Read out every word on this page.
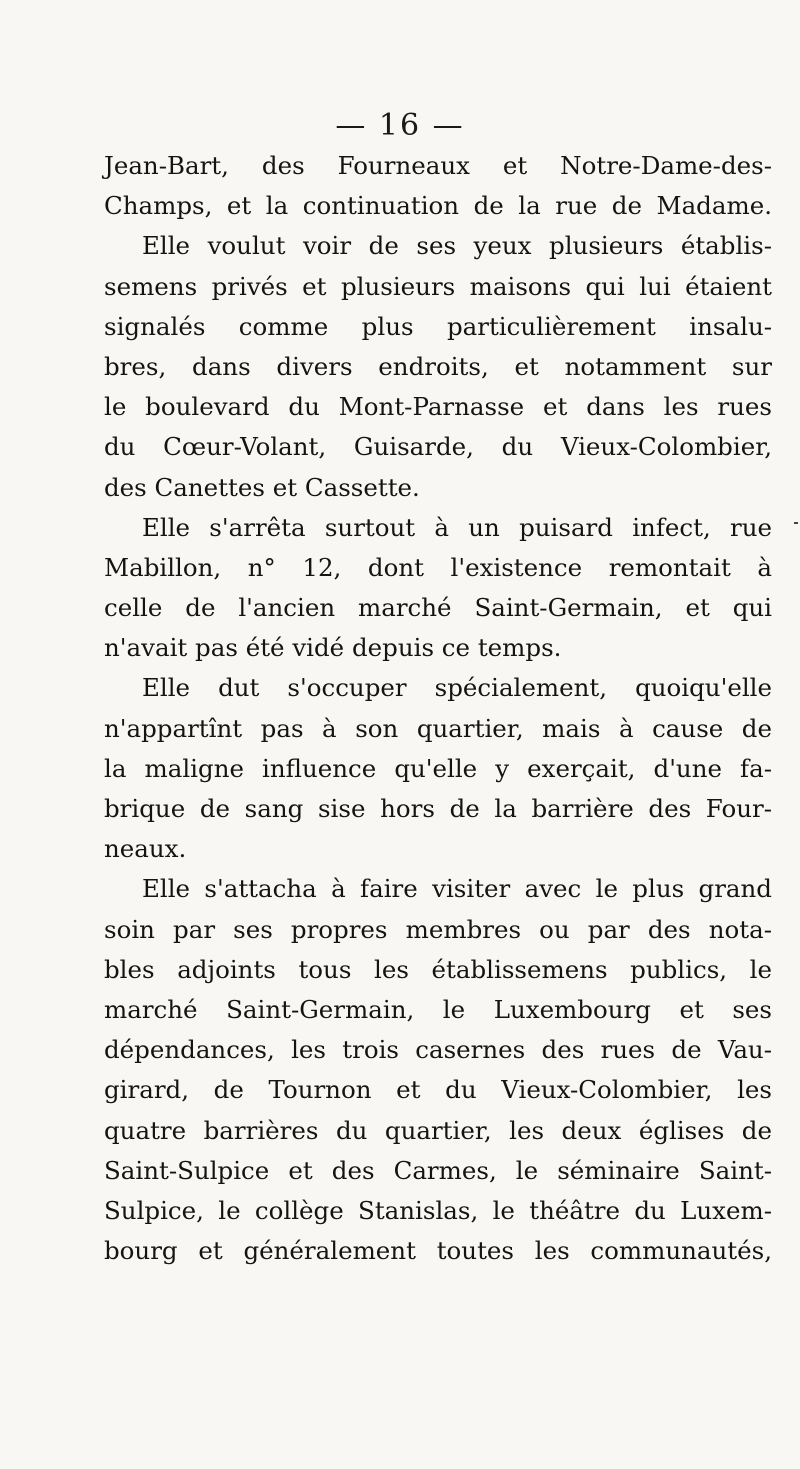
— 16 —
Jean-Bart, des Fourneaux et Notre-Dame-des-
Champs, et la continuation de la rue de Madame.
Elle voulut voir de ses yeux plusieurs établis-
semens privés et plusieurs maisons qui lui étaient
signalés comme plus particulièrement insalu-
bres, dans divers endroits, et notamment sur
le boulevard du Mont-Parnasse et dans les rues
du Cœur-Volant, Guisarde, du Vieux-Colombier,
des Canettes et Cassette.
Elle s'arrêta surtout à un puisard infect, rue
Mabillon, n° 12, dont l'existence remontait à
celle de l'ancien marché Saint-Germain, et qui
n'avait pas été vidé depuis ce temps.
Elle dut s'occuper spécialement, quoiqu'elle
n'appartînt pas à son quartier, mais à cause de
la maligne influence qu'elle y exerçait, d'une fa-
brique de sang sise hors de la barrière des Four-
neaux.
Elle s'attacha à faire visiter avec le plus grand
soin par ses propres membres ou par des nota-
bles adjoints tous les établissemens publics, le
marché Saint-Germain, le Luxembourg et ses
dépendances, les trois casernes des rues de Vau-
girard, de Tournon et du Vieux-Colombier, les
quatre barrières du quartier, les deux églises de
Saint-Sulpice et des Carmes, le séminaire Saint-
Sulpice, le collège Stanislas, le théâtre du Luxem-
bourg et généralement toutes les communautés,
